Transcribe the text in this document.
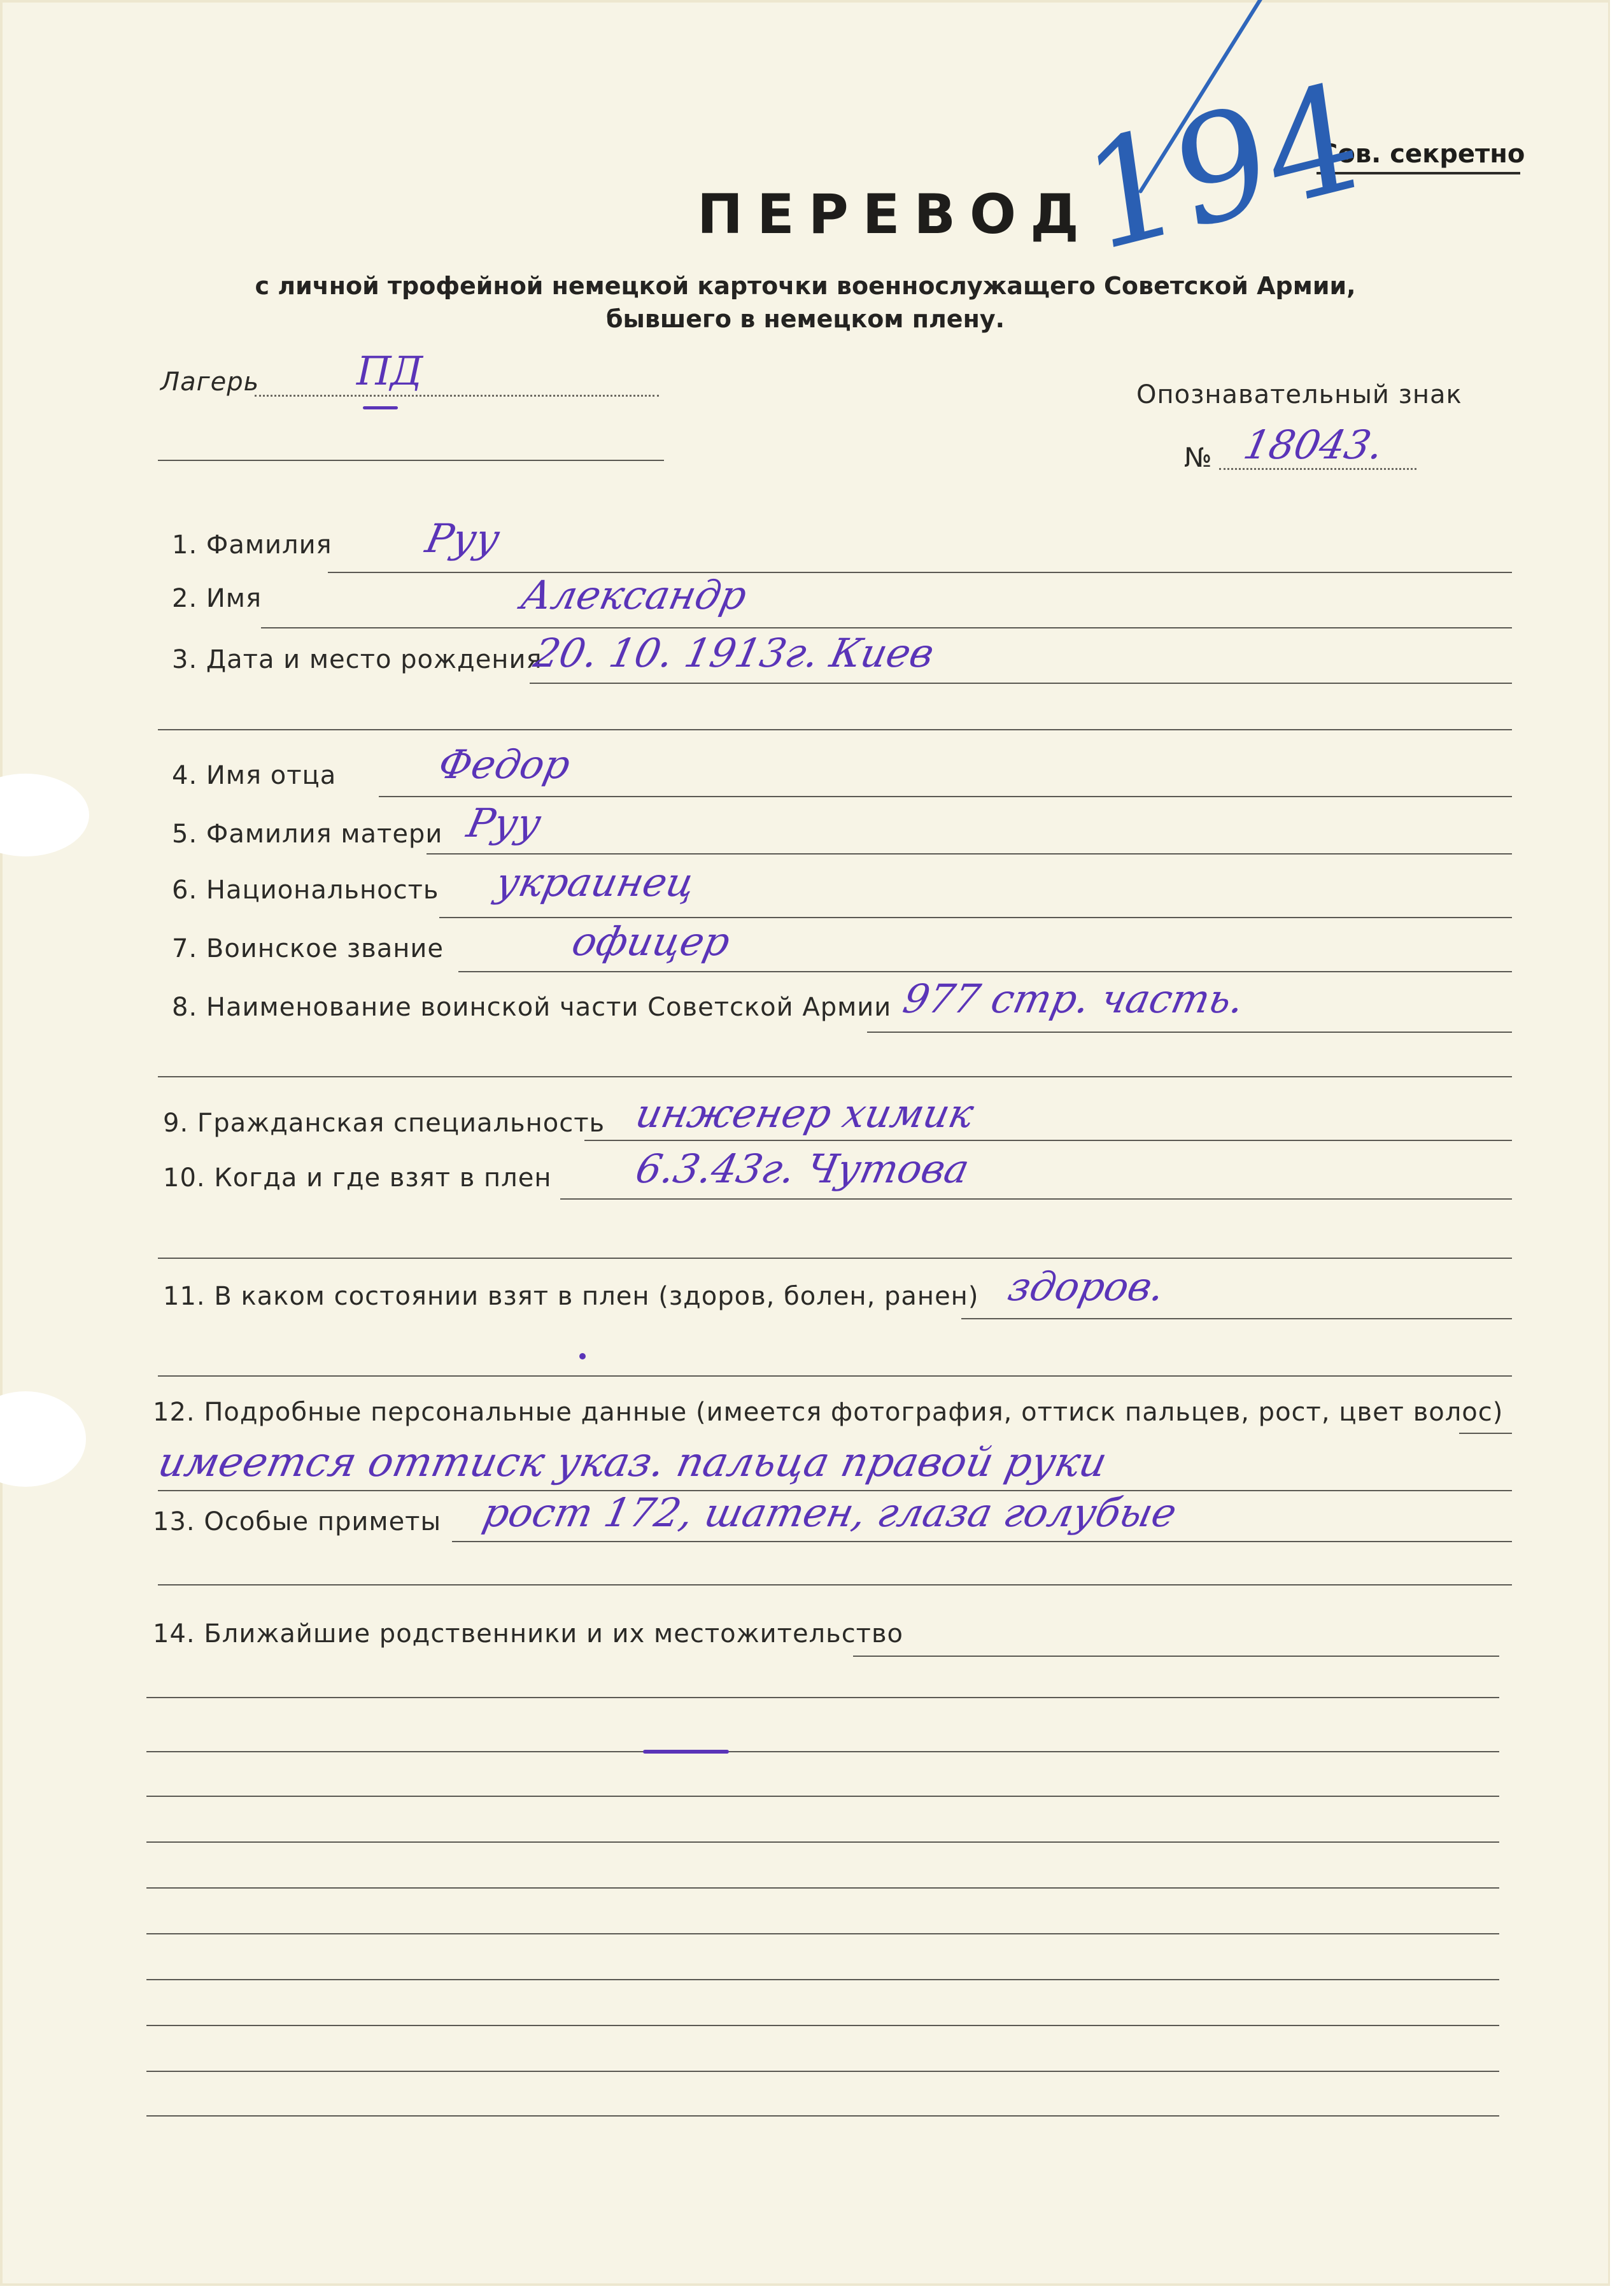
Сов. секретно
194
ПЕРЕВОД
с личной трофейной немецкой карточки военнослужащего Советской Армии,
бывшего в немецком плену.
Лагерь ПД
Опознавательный знак
№ 18043.
1. Фамилия Руу
2. Имя	Александр
3. Дата и место рождения
20. 10. 1913г. Киев
4. Имя отца Федор
5. Фамилия матери Руу
6. Национальность украинец
7. Воинское звание	офицер
8. Наименование воинской части Советской Армии 977 стр. часть.
9. Гражданская специальность инженер химик
10. Когда и где взят в плен 6.3.43г. Чутова
11. В каком состоянии взят в плен (здоров, болен, ранен) здоров.
12. Подробные персональные данные (имеется фотография, оттиск пальцев, рост, цвет волос)
имеется оттиск указ. пальца правой руки
13. Особые приметы рост 172, шатен, глаза голубые
14. Ближайшие родственники и их местожительство
